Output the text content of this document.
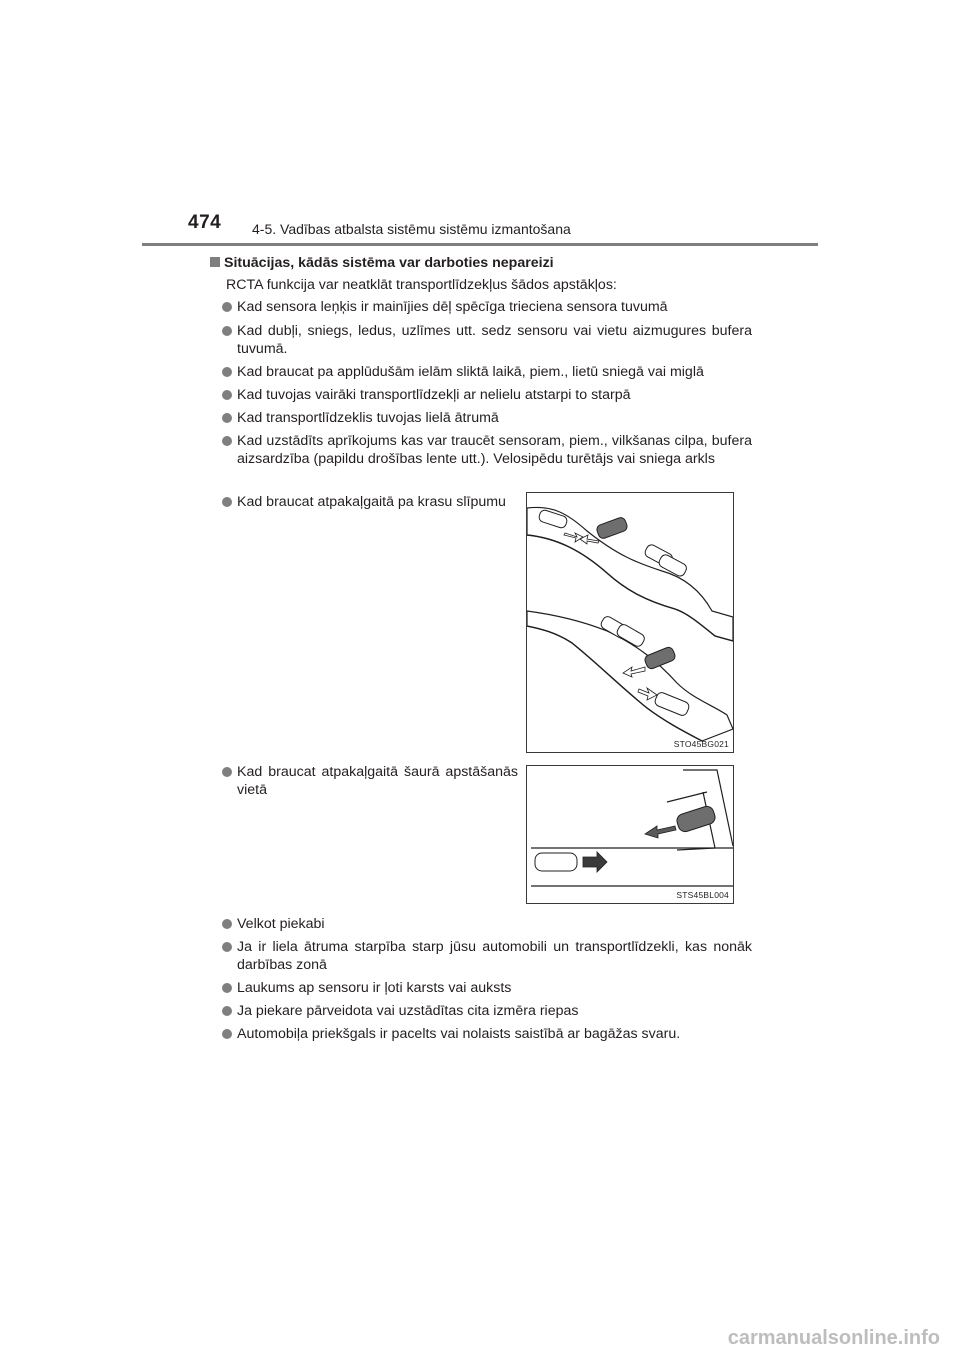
474 4-5. Vadības atbalsta sistēmu sistēmu izmantošana
Situācijas, kādās sistēma var darboties nepareizi
RCTA funkcija var neatklāt transportlīdzekļus šādos apstākļos:
Kad sensora leņķis ir mainījies dēļ spēcīga trieciena sensora tuvumā
Kad dubļi, sniegs, ledus, uzlīmes utt. sedz sensoru vai vietu aizmugures bufera tuvumā.
Kad braucat pa applūdušām ielām sliktā laikā, piem., lietū sniegā vai miglā
Kad tuvojas vairāki transportlīdzekļi ar nelielu atstarpi to starpā
Kad transportlīdzeklis tuvojas lielā ātrumā
Kad uzstādīts aprīkojums kas var traucēt sensoram, piem., vilkšanas cilpa, bufera aizsardzība (papildu drošības lente utt.). Velosipēdu turētājs vai sniega arkls
Kad braucat atpakaļgaitā pa krasu slīpumu
STO45BG021
Kad braucat atpakaļgaitā šaurā apstāšanās vietā
STS45BL004
Velkot piekabi
Ja ir liela ātruma starpība starp jūsu automobili un transportlīdzekli, kas nonāk darbības zonā
Laukums ap sensoru ir ļoti karsts vai auksts
Ja piekare pārveidota vai uzstādītas cita izmēra riepas
Automobiļa priekšgals ir pacelts vai nolaists saistībā ar bagāžas svaru.
carmanualsonline.info
